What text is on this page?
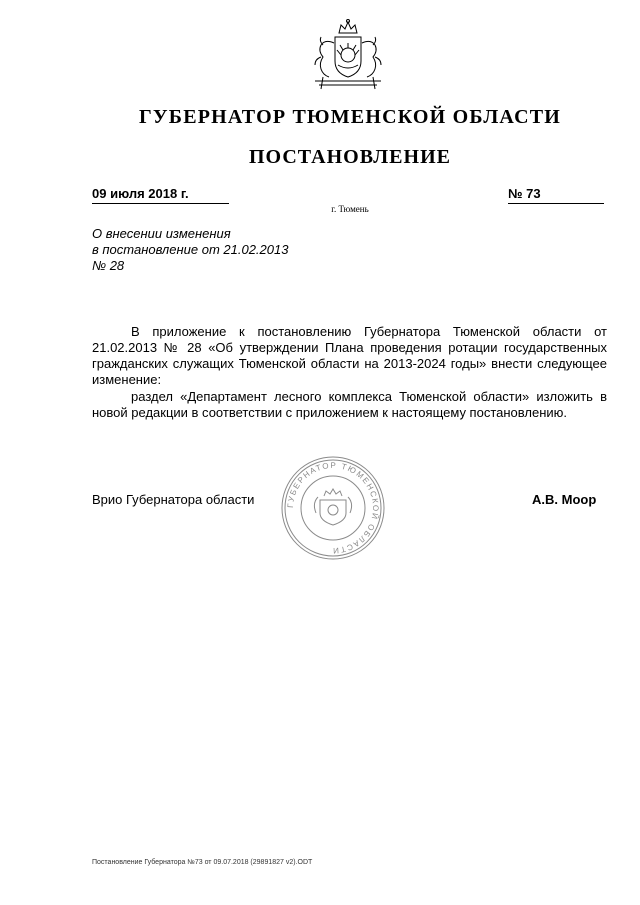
ГУБЕРНАТОР ТЮМЕНСКОЙ ОБЛАСТИ
ПОСТАНОВЛЕНИЕ
09 июля 2018 г.	№ 73
г. Тюмень
О внесении изменения
в постановление от 21.02.2013
№ 28
В приложение к постановлению Губернатора Тюменской области от 21.02.2013 № 28 «Об утверждении Плана проведения ротации государственных гражданских служащих Тюменской области на 2013-2024 годы» внести следующее изменение:
раздел «Департамент лесного комплекса Тюменской области» изложить в новой редакции в соответствии с приложением к настоящему постановлению.
Врио Губернатора области	А.В. Моор
ГУБЕРНАТОР ТЮМЕНСКОЙ ОБЛАСТИ
Постановление Губернатора №73 от 09.07.2018 (29891827 v2).ODT
